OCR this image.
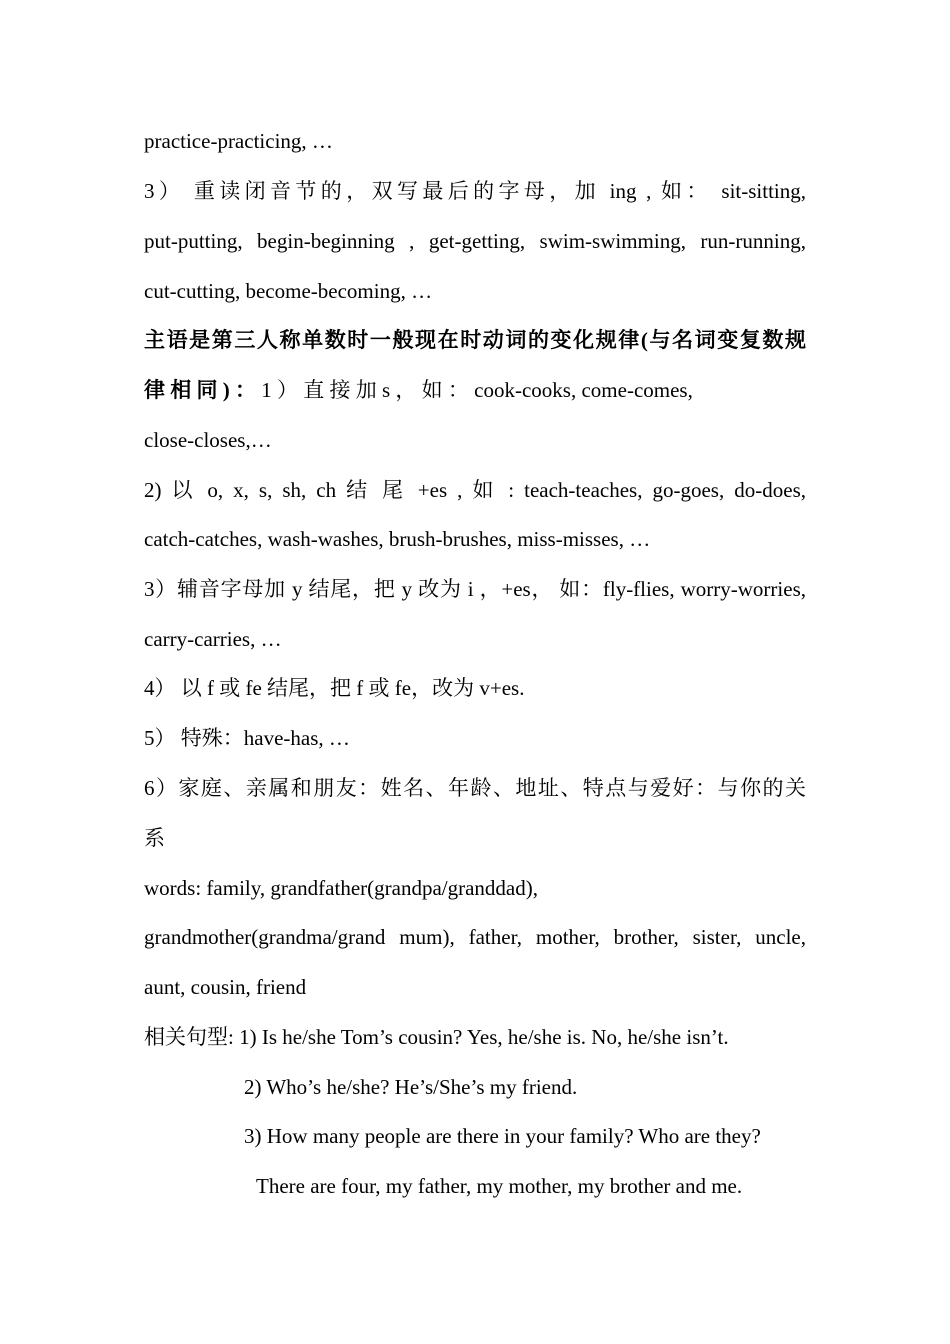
practice-practicing, …
3） 重读闭音节的，双写最后的字母，加 ing , 如： sit-sitting,
put-putting, begin-beginning , get-getting, swim-swimming, run-running,
cut-cutting, become-becoming, …
主语是第三人称单数时一般现在时动词的变化规律(与名词变复数规
律 相 同 ) ： 1 ） 直 接 加 s ， 如 ： cook-cooks, come-comes,
close-closes,…
2) 以 o, x, s, sh, ch 结 尾 +es , 如 : teach-teaches, go-goes, do-does,
catch-catches, wash-washes, brush-brushes, miss-misses, …
3）辅音字母加 y 结尾，把 y 改为 i ，+es， 如：fly-flies, worry-worries,
carry-carries, …
4） 以 f 或 fe 结尾，把 f 或 fe，改为 v+es.
5） 特殊：have-has, …
6）家庭、亲属和朋友：姓名、年龄、地址、特点与爱好：与你的关
系
words: family, grandfather(grandpa/granddad),
grandmother(grandma/grand mum), father, mother, brother, sister, uncle,
aunt, cousin, friend
相关句型: 1) Is he/she Tom’s cousin? Yes, he/she is. No, he/she isn’t.
2) Who’s he/she? He’s/She’s my friend.
3) How many people are there in your family? Who are they?
There are four, my father, my mother, my brother and me.
